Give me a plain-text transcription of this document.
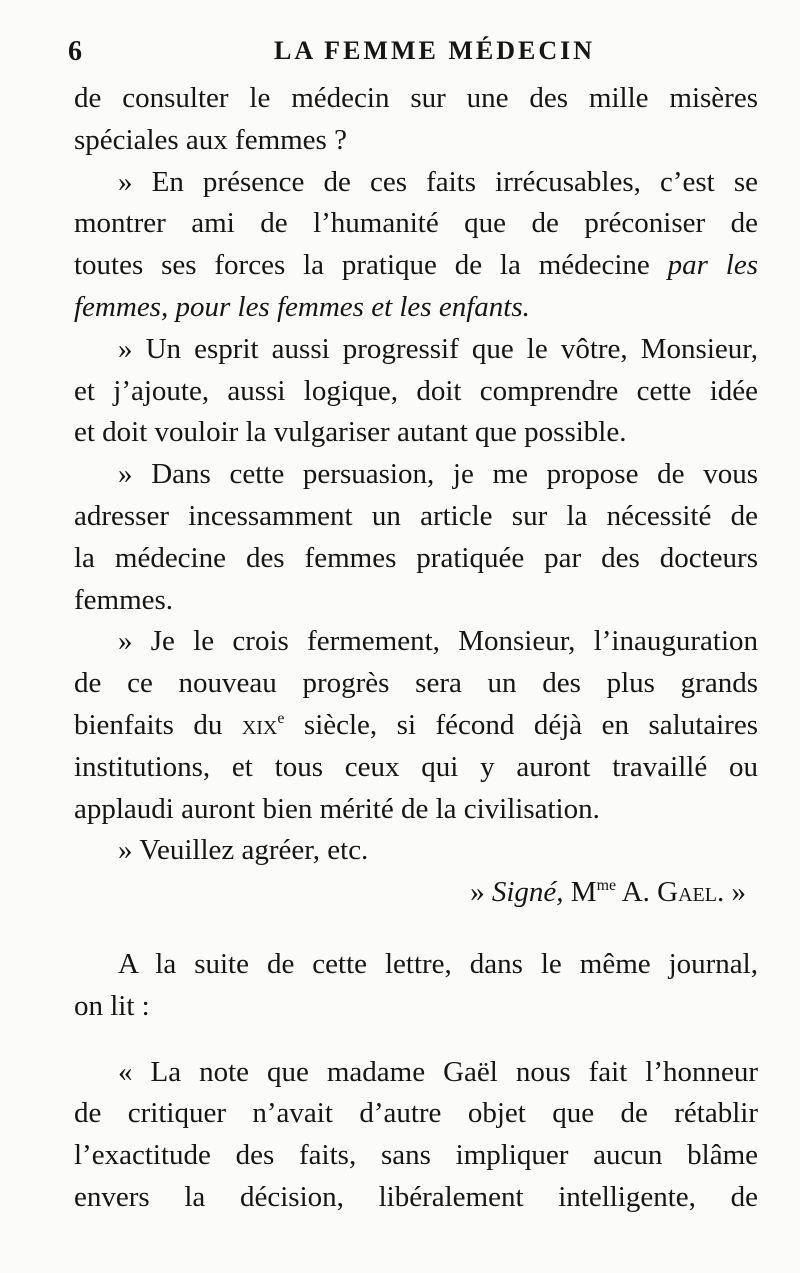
6	LA FEMME MÉDECIN
de consulter le médecin sur une des mille misères
spéciales aux femmes ?
» En présence de ces faits irrécusables, c’est se
montrer ami de l’humanité que de préconiser de
toutes ses forces la pratique de la médecine par les
femmes, pour les femmes et les enfants.
» Un esprit aussi progressif que le vôtre, Monsieur,
et j’ajoute, aussi logique, doit comprendre cette idée
et doit vouloir la vulgariser autant que possible.
» Dans cette persuasion, je me propose de vous
adresser incessamment un article sur la nécessité de
la médecine des femmes pratiquée par des docteurs
femmes.
» Je le crois fermement, Monsieur, l’inauguration
de ce nouveau progrès sera un des plus grands
bienfaits du xix$^e$ siècle, si fécond déjà en salutaires
institutions, et tous ceux qui y auront travaillé ou
applaudi auront bien mérité de la civilisation.
» Veuillez agréer, etc.
» Signé, $M^{me}$ A. Gael. »
A la suite de cette lettre, dans le même journal,
on lit :
« La note que madame Gaël nous fait l’honneur
de critiquer n’avait d’autre objet que de rétablir
l’exactitude des faits, sans impliquer aucun blâme
envers la décision, libéralement intelligente, de
